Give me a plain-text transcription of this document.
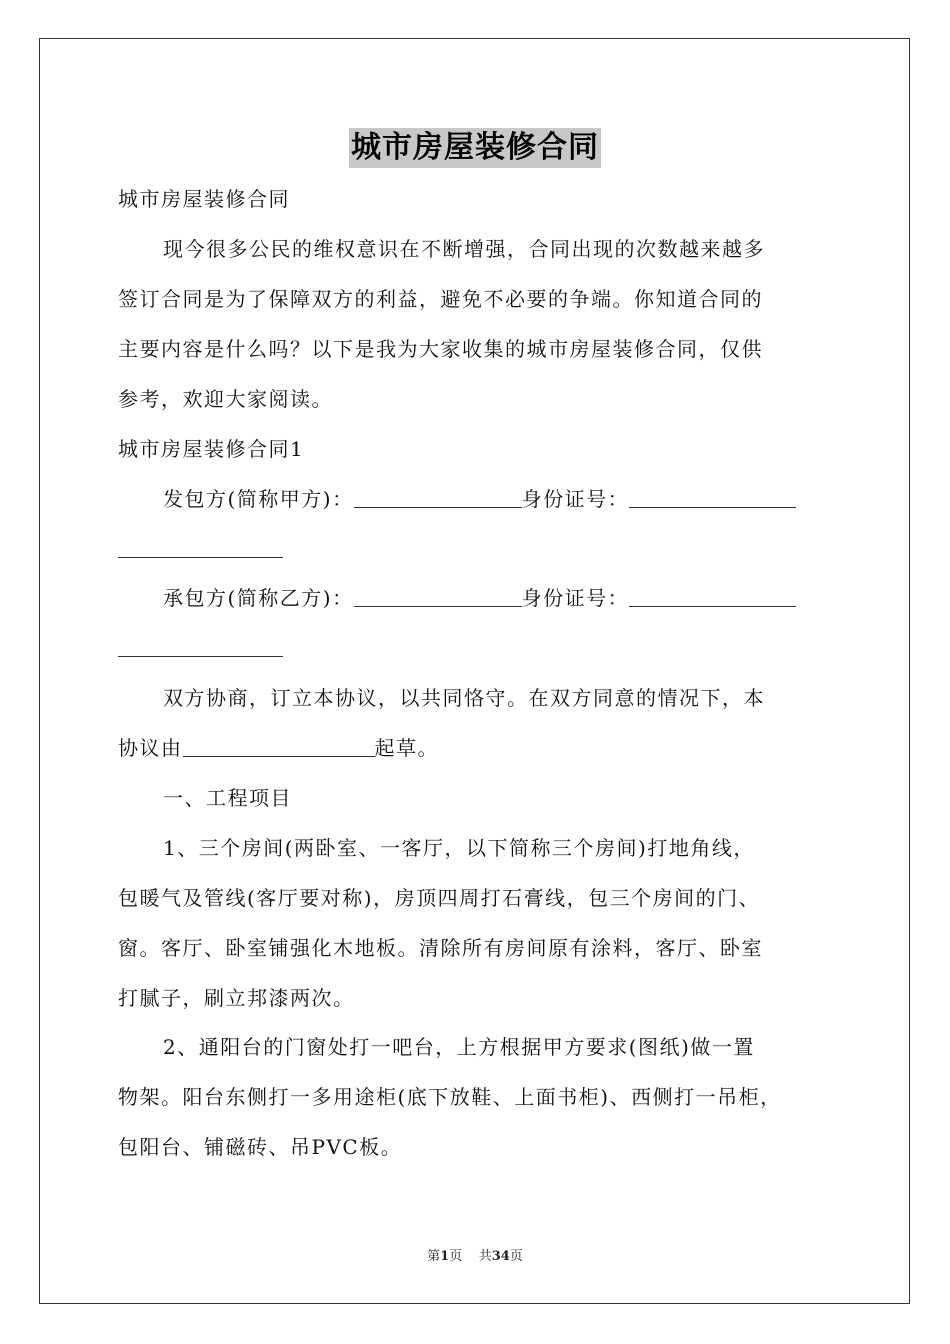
城市房屋装修合同
城市房屋装修合同
现今很多公民的维权意识在不断增强，合同出现的次数越来越多
签订合同是为了保障双方的利益，避免不必要的争端。你知道合同的
主要内容是什么吗？以下是我为大家收集的城市房屋装修合同，仅供
参考，欢迎大家阅读。
城市房屋装修合同1
发包方(简称甲方)：	身份证号：
承包方(简称乙方)：	身份证号：
双方协商，订立本协议，以共同恪守。在双方同意的情况下，本
协议由	起草。
一、工程项目
1、三个房间(两卧室、一客厅，以下简称三个房间)打地角线，
包暖气及管线(客厅要对称)，房顶四周打石膏线，包三个房间的门、
窗。客厅、卧室铺强化木地板。清除所有房间原有涂料，客厅、卧室
打腻子，刷立邦漆两次。
2、通阳台的门窗处打一吧台，上方根据甲方要求(图纸)做一置
物架。阳台东侧打一多用途柜(底下放鞋、上面书柜)、西侧打一吊柜，
包阳台、铺磁砖、吊PVC板。
第1页 共34页
